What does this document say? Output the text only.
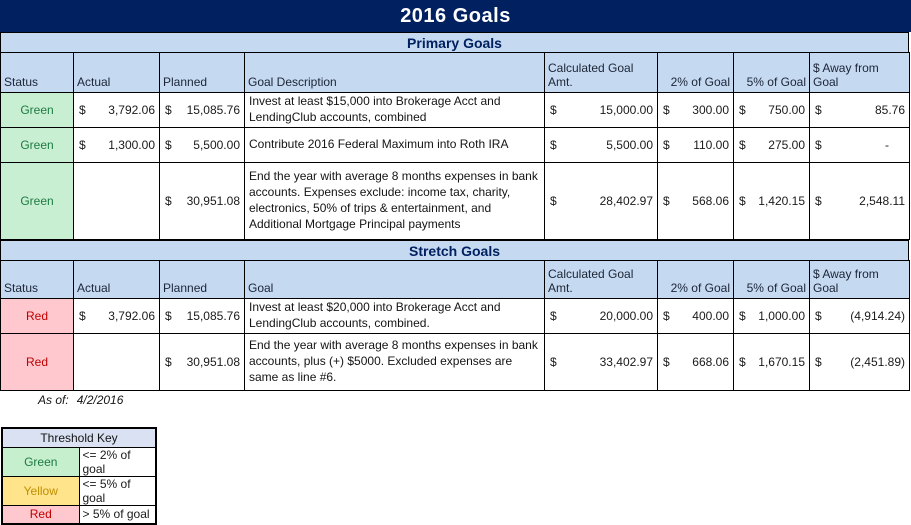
2016 Goals
Primary Goals
Status	Actual	Planned	Goal Description	Calculated Goal Amt.	2% of Goal	5% of Goal	$ Away from Goal
Green	$ 3,792.06	$ 15,085.76	Invest at least $15,000 into Brokerage Acct and LendingClub accounts, combined	$ 15,000.00	$ 300.00	$ 750.00	$ 85.76

Green	$ 1,300.00	$ 5,500.00	Contribute 2016 Federal Maximum into Roth IRA	$ 5,500.00	$ 110.00	$ 275.00	$ -

Green		$ 30,951.08	End the year with average 8 months expenses in bank accounts. Expenses exclude: income tax, charity, electronics, 50% of trips & entertainment, and Additional Mortgage Principal payments	$ 28,402.97	$ 568.06	$ 1,420.15	$ 2,548.11
Stretch Goals
Status	Actual	Planned	Goal	Calculated Goal Amt.	2% of Goal	5% of Goal	$ Away from Goal
Red	$ 3,792.06	$ 15,085.76	Invest at least $20,000 into Brokerage Acct and LendingClub accounts, combined.	$ 20,000.00	$ 400.00	$ 1,000.00	$ (4,914.24)

Red		$ 30,951.08	End the year with average 8 months expenses in bank accounts, plus (+) $5000. Excluded expenses are same as line #6.	$ 33,402.97	$ 668.06	$ 1,670.15	$ (2,451.89)
As of: 4/2/2016
Threshold Key	
Green	<= 2% of goal
Yellow	<= 5% of goal
Red	> 5% of goal
